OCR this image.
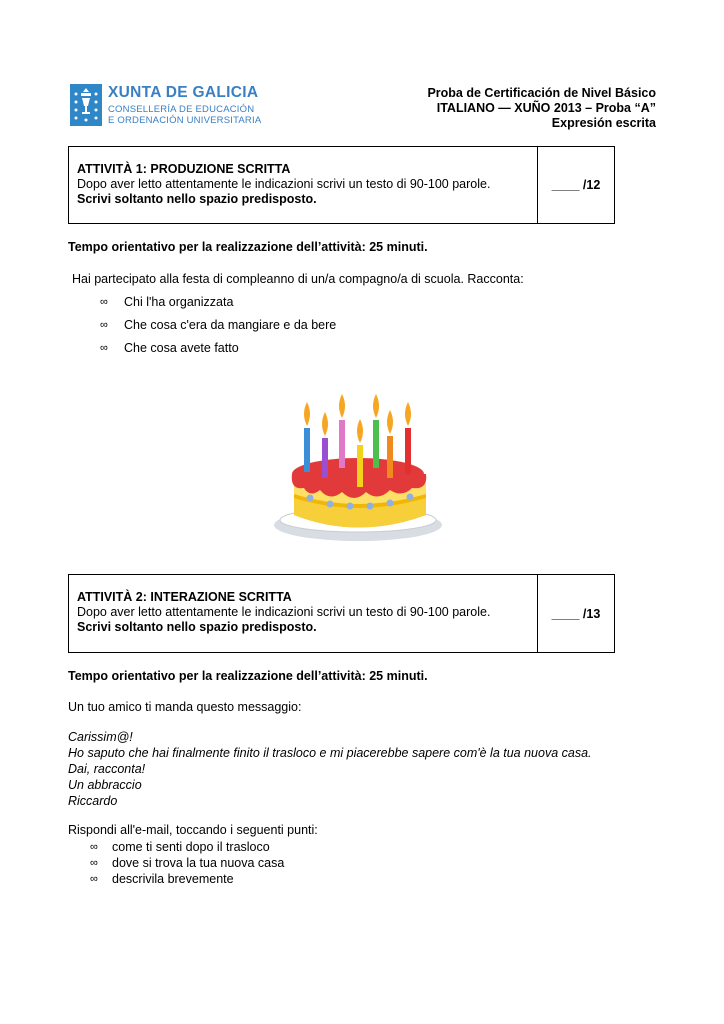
XUNTA DE GALICIA
CONSELLERÍA DE EDUCACIÓN
E ORDENACIÓN UNIVERSITARIA
Proba de Certificación de Nivel Básico
ITALIANO — XUÑO 2013 – Proba “A”
Expresión escrita
ATTIVITÀ 1: PRODUZIONE SCRITTA
Dopo aver letto attentamente le indicazioni scrivi un testo di 90-100 parole.
Scrivi soltanto nello spazio predisposto.
____ /12
Tempo orientativo per la realizzazione dell’attività: 25 minuti.
Hai partecipato alla festa di compleanno di un/a compagno/a di scuola. Racconta:
∞ Chi l'ha organizzata
∞ Che cosa c'era da mangiare e da bere
∞ Che cosa avete fatto
ATTIVITÀ 2: INTERAZIONE SCRITTA
Dopo aver letto attentamente le indicazioni scrivi un testo di 90-100 parole.
Scrivi soltanto nello spazio predisposto.
____ /13
Tempo orientativo per la realizzazione dell’attività: 25 minuti.
Un tuo amico ti manda questo messaggio:
Carissim@!
Ho saputo che hai finalmente finito il trasloco e mi piacerebbe sapere com'è la tua nuova casa.
Dai, racconta!
Un abbraccio
Riccardo
Rispondi all'e-mail, toccando i seguenti punti:
∞ come ti senti dopo il trasloco
∞ dove si trova la tua nuova casa
∞ descrivila brevemente
